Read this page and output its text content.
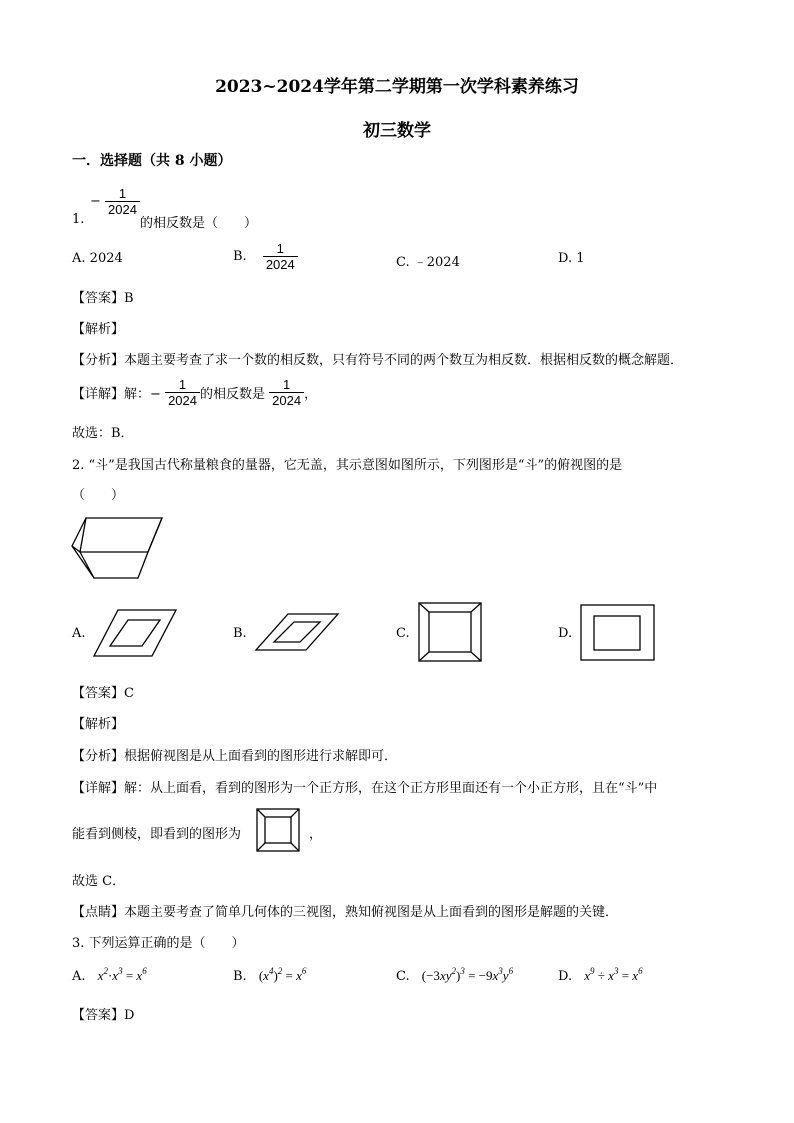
2023~2024学年第二学期第一次学科素养练习
初三数学
一．选择题（共 8 小题）
1.
− $\frac{1}{2024}$
的相反数是（　　）
A. 2024	B. $\frac{1}{2024}$	C. ﹣2024	D. 1
【答案】B
【解析】
【分析】本题主要考查了求一个数的相反数，只有符号不同的两个数互为相反数．根据相反数的概念解题．
【详解】解：− $\frac{1}{2024}$ 的相反数是 $\frac{1}{2024}$ ，
故选：B．
2. “斗”是我国古代称量粮食的量器，它无盖，其示意图如图所示，下列图形是“斗”的俯视图的是
（　　）
A.	B.	C.	D.
【答案】C
【解析】
【分析】根据俯视图是从上面看到的图形进行求解即可．
【详解】解：从上面看，看到的图形为一个正方形，在这个正方形里面还有一个小正方形，且在“斗”中
能看到侧棱，即看到的图形为	，
故选 C．
【点睛】本题主要考查了简单几何体的三视图，熟知俯视图是从上面看到的图形是解题的关键．
3. 下列运算正确的是（　　）
A. $x^2\cdot x^3 = x^6$	B. $(x^4)^2 = x^6$	C. $(-3xy^2)^3 = -9x^3y^6$	D. $x^9 \div x^3 = x^6$
【答案】D
